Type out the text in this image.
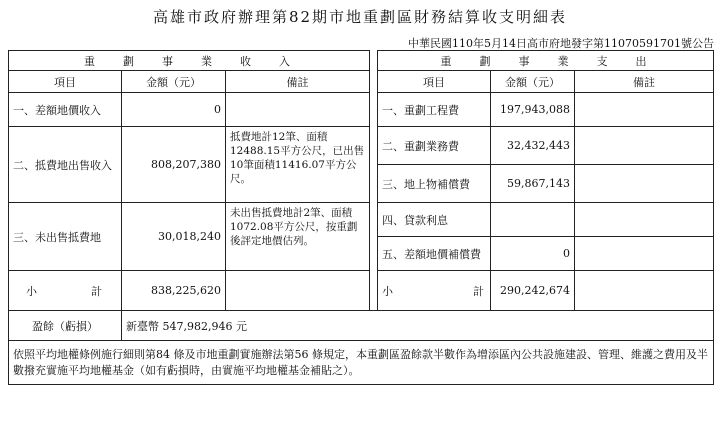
高雄市政府辦理第82期市地重劃區財務結算收支明細表
中華民國110年5月14日高市府地發字第11070591701號公告
重劃事業收入				重劃事業支出		
項目	金額（元）	備註		項目	金額（元）	備註
一、差額地價收入	0			一、重劃工程費	197,943,088	
二、抵費地出售收入	808,207,380	抵費地計12筆、面積12488.15平方公尺，已出售10筆面積11416.07平方公尺。		二、重劃業務費	32,432,443	
				三、地上物補償費	59,867,143	
三、未出售抵費地	30,018,240	未出售抵費地計2筆、面積1072.08平方公尺，按重劃後評定地價估列。		四、貸款利息		
				五、差額地價補償費	0	
小　　　　計	838,225,620			小　　　　　　計	290,242,674	
盈餘（虧損）	新臺幣 547,982,946 元					
依照平均地權條例施行細則第84 條及市地重劃實施辦法第56 條規定，本重劃區盈餘款半數作為增添區內公共設施建設、管理、維護之費用及半數撥充實施平均地權基金（如有虧損時，由實施平均地權基金補貼之）。						
